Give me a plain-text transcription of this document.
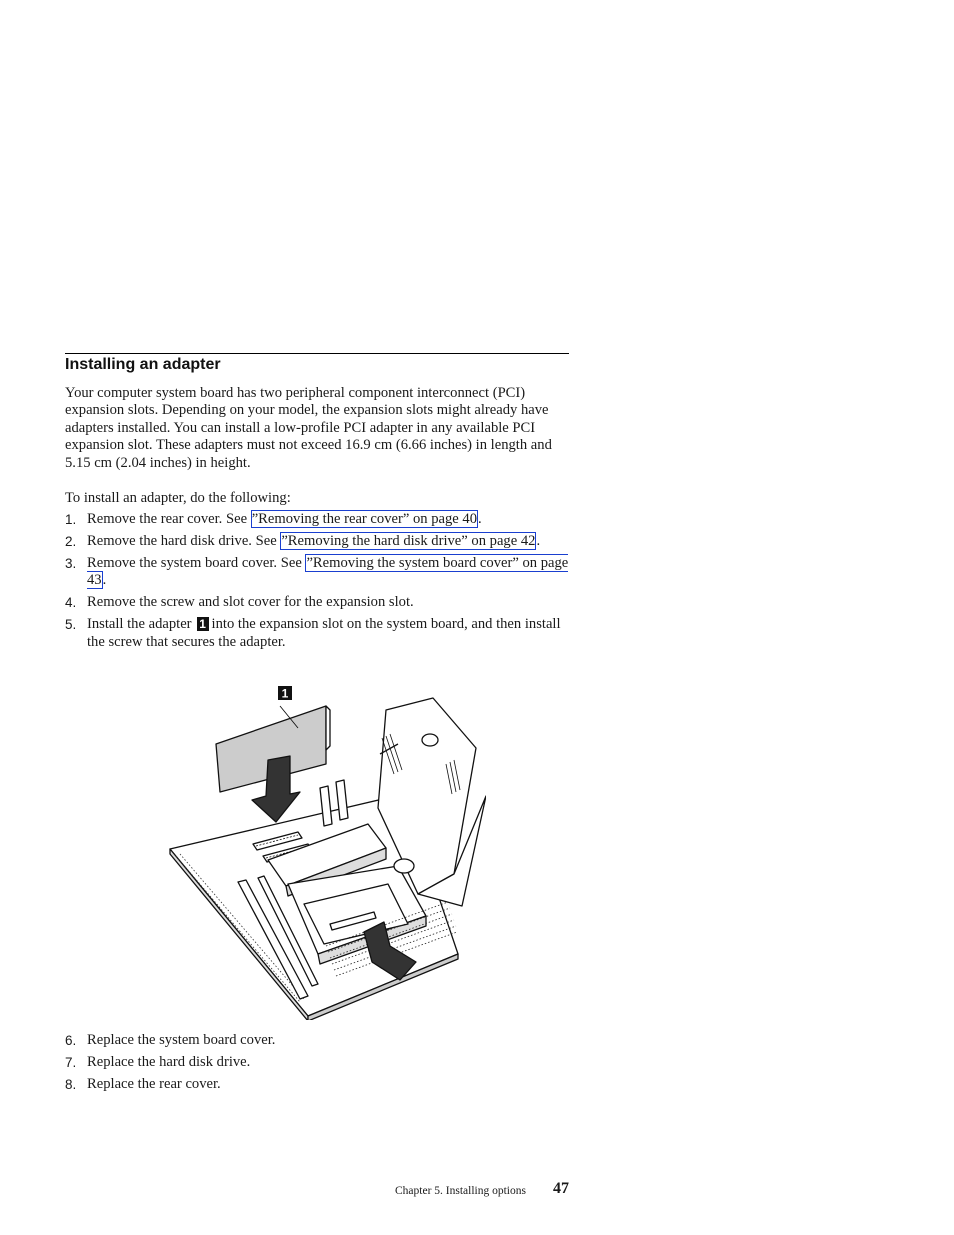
Installing an adapter
Your computer system board has two peripheral component interconnect (PCI) expansion slots. Depending on your model, the expansion slots might already have adapters installed. You can install a low-profile PCI adapter in any available PCI expansion slot. These adapters must not exceed 16.9 cm (6.66 inches) in length and 5.15 cm (2.04 inches) in height.
To install an adapter, do the following:
1. Remove the rear cover. See ”Removing the rear cover” on page 40.
2. Remove the hard disk drive. See ”Removing the hard disk drive” on page 42.
3. Remove the system board cover. See ”Removing the system board cover” on page 43.
4. Remove the screw and slot cover for the expansion slot.
5. Install the adapter 1 into the expansion slot on the system board, and then install the screw that secures the adapter.
1
6. Replace the system board cover.
7. Replace the hard disk drive.
8. Replace the rear cover.
Chapter 5. Installing options 47
